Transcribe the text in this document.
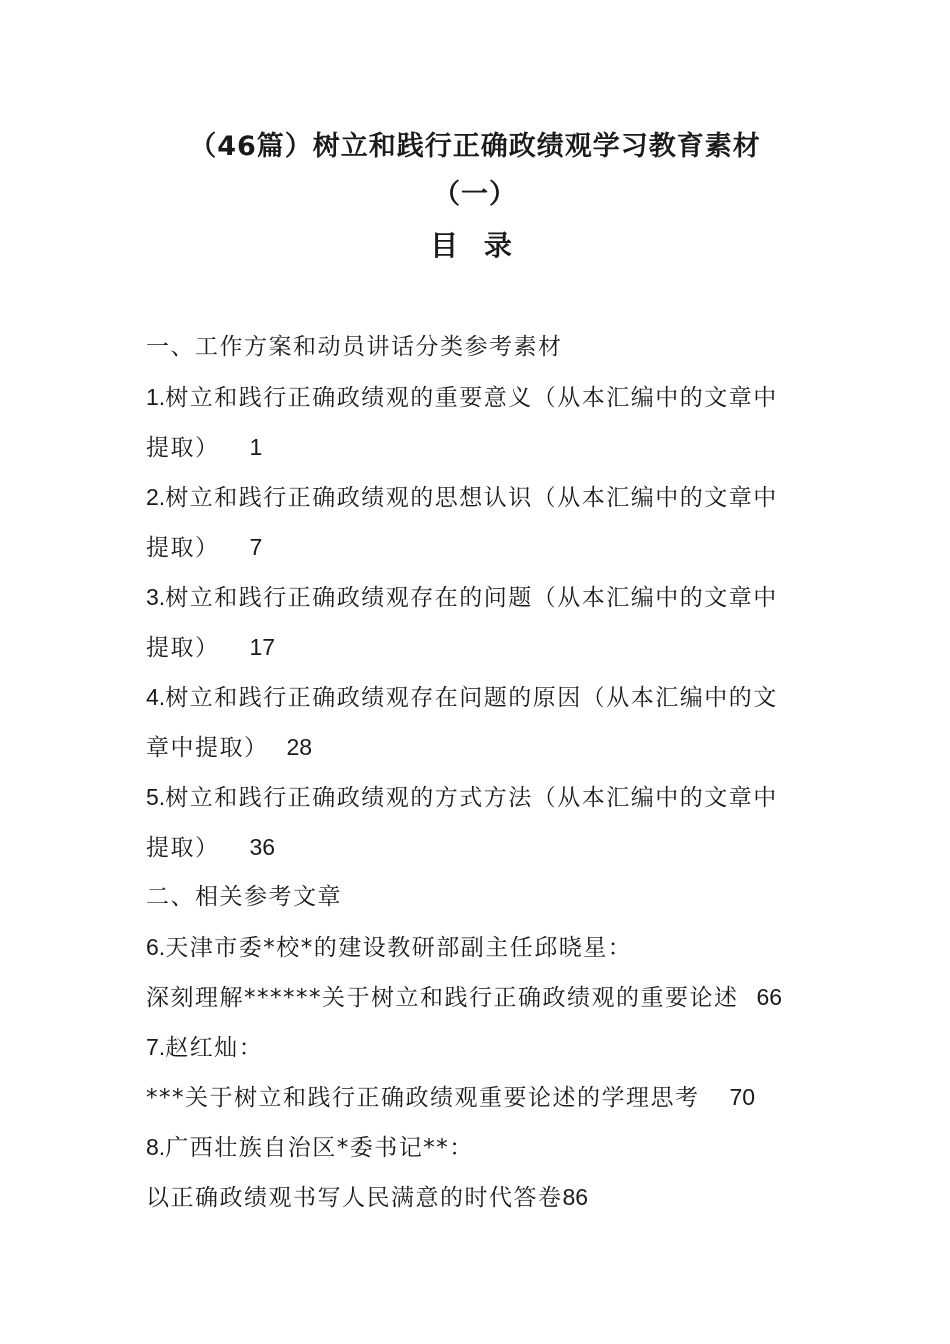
（46篇）树立和践行正确政绩观学习教育素材
（一）
目 录
一、工作方案和动员讲话分类参考素材
1.树立和践行正确政绩观的重要意义（从本汇编中的文章中
提取） 1
2.树立和践行正确政绩观的思想认识（从本汇编中的文章中
提取） 7
3.树立和践行正确政绩观存在的问题（从本汇编中的文章中
提取） 17
4.树立和践行正确政绩观存在问题的原因（从本汇编中的文
章中提取） 28
5.树立和践行正确政绩观的方式方法（从本汇编中的文章中
提取） 36
二、相关参考文章
6.天津市委*校*的建设教研部副主任邱晓星：
深刻理解******关于树立和践行正确政绩观的重要论述 66
7.赵红灿：
***关于树立和践行正确政绩观重要论述的学理思考 70
8.广西壮族自治区*委书记**：
以正确政绩观书写人民满意的时代答卷86
